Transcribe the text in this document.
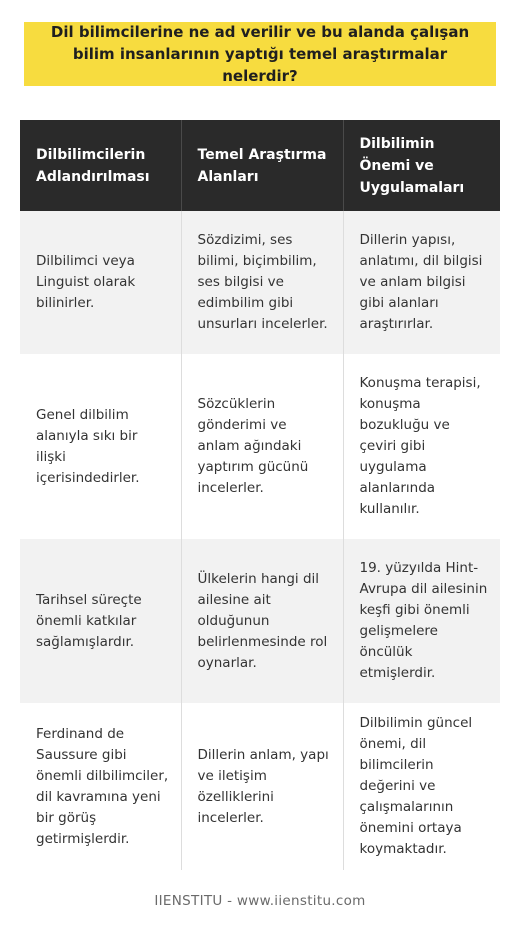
Dil bilimcilerine ne ad verilir ve bu alanda çalışan bilim insanlarının yaptığı temel araştırmalar nelerdir?
Dilbilimcilerin Adlandırılması	Temel Araştırma Alanları	Dilbilimin Önemi ve Uygulamaları
Dilbilimci veya Linguist olarak bilinirler.	Sözdizimi, ses bilimi, biçimbilim, ses bilgisi ve edimbilim gibi unsurları incelerler.	Dillerin yapısı, anlatımı, dil bilgisi ve anlam bilgisi gibi alanları araştırırlar.
Genel dilbilim alanıyla sıkı bir ilişki içerisindedirler.	Sözcüklerin gönderimi ve anlam ağındaki yaptırım gücünü incelerler.	Konuşma terapisi, konuşma bozukluğu ve çeviri gibi uygulama alanlarında kullanılır.
Tarihsel süreçte önemli katkılar sağlamışlardır.	Ülkelerin hangi dil ailesine ait olduğunun belirlenmesinde rol oynarlar.	19. yüzyılda Hint-Avrupa dil ailesinin keşfi gibi önemli gelişmelere öncülük etmişlerdir.
Ferdinand de Saussure gibi önemli dilbilimciler, dil kavramına yeni bir görüş getirmişlerdir.	Dillerin anlam, yapı ve iletişim özelliklerini incelerler.	Dilbilimin güncel önemi, dil bilimcilerin değerini ve çalışmalarının önemini ortaya koymaktadır.
IIENSTITU - www.iienstitu.com
